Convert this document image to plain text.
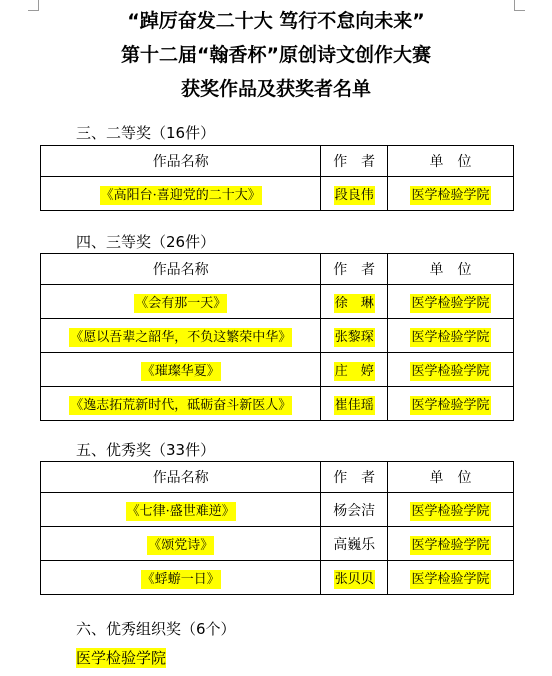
“踔厉奋发二十大 笃行不怠向未来”
第十二届“翰香杯”原创诗文创作大赛
获奖作品及获奖者名单
三、二等奖（16件）
作品名称	作　者	单　位
《高阳台·喜迎党的二十大》	段良伟	医学检验学院
四、三等奖（26件）
作品名称	作　者	单　位
《会有那一天》	徐　琳	医学检验学院
《愿以吾辈之韶华，不负这繁荣中华》	张黎琛	医学检验学院
《璀璨华夏》	庄　婷	医学检验学院
《逸志拓荒新时代，砥砺奋斗新医人》	崔佳瑶	医学检验学院
五、优秀奖（33件）
作品名称	作　者	单　位
《七律·盛世难逆》	杨会洁	医学检验学院
《颂党诗》	高巍乐	医学检验学院
《蜉蝣一日》	张贝贝	医学检验学院
六、优秀组织奖（6个）
医学检验学院
